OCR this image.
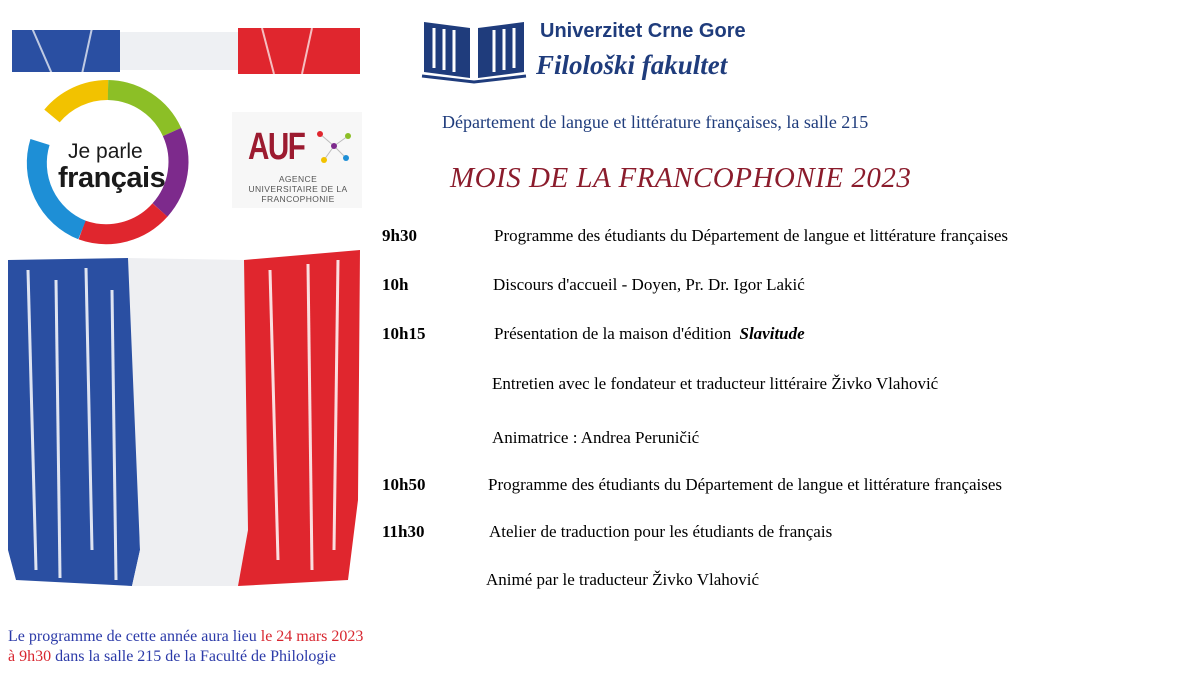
Je parle
français
AUF
AGENCE UNIVERSITAIRE DE LA FRANCOPHONIE
Univerzitet Crne Gore
Filološki fakultet
Département de langue et littérature françaises, la salle 215
MOIS DE LA FRANCOPHONIE 2023
9h30	Programme des étudiants du Département de langue et littérature françaises
10h	Discours d'accueil - Doyen, Pr. Dr. Igor Lakić
10h15	Présentation de la maison d'édition Slavitude
Entretien avec le fondateur et traducteur littéraire Živko Vlahović
Animatrice : Andrea Peruničić
10h50	Programme des étudiants du Département de langue et littérature françaises
11h30	Atelier de traduction pour les étudiants de français
Animé par le traducteur Živko Vlahović
Le programme de cette année aura lieu le 24 mars 2023
à 9h30 dans la salle 215 de la Faculté de Philologie
